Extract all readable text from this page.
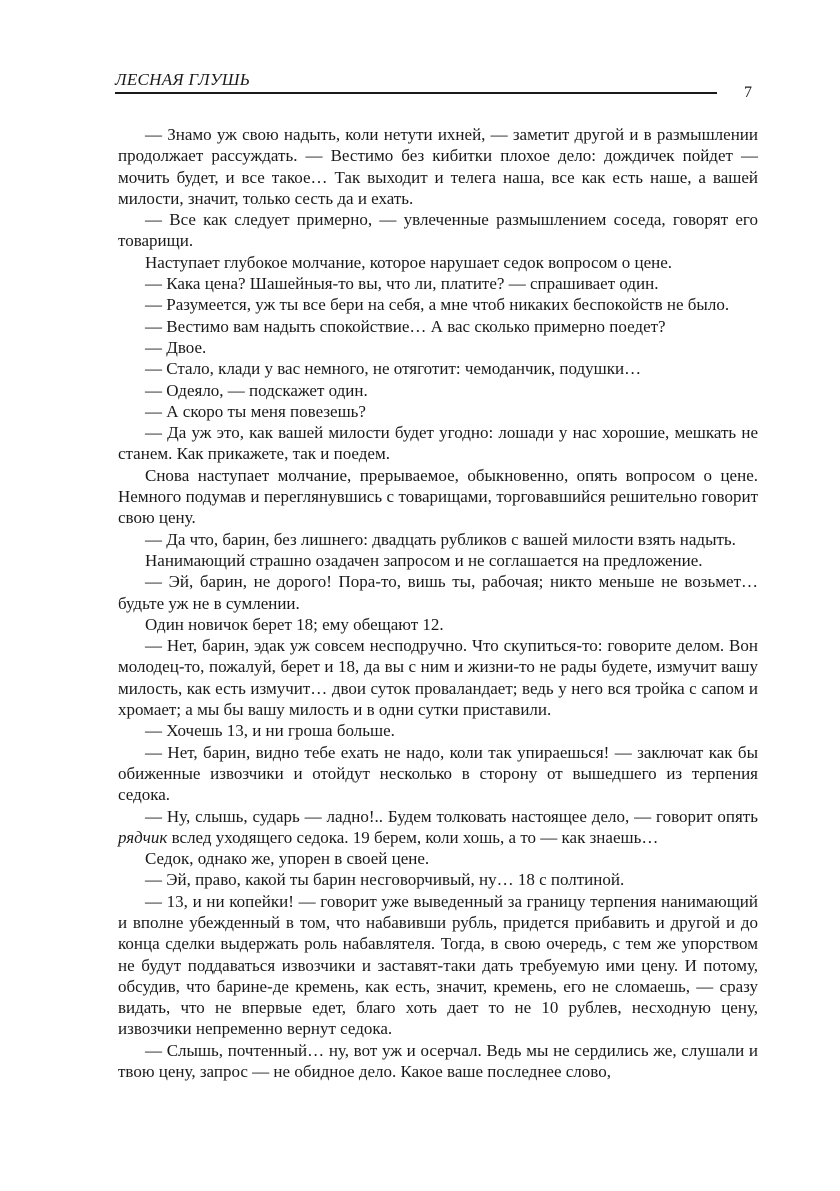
ЛЕСНАЯ ГЛУШЬ
7

— Знамо уж свою надыть, коли нетути ихней, — заметит другой и в размышлении продолжает рассуждать. — Вестимо без кибитки плохое дело: дождичек пойдет — мочить будет, и все такое… Так выходит и телега наша, все как есть наше, а вашей милости, значит, только сесть да и ехать.

— Все как следует примерно, — увлеченные размышлением соседа, говорят его товарищи.

Наступает глубокое молчание, которое нарушает седок вопросом о цене.

— Кака цена? Шашейныя-то вы, что ли, платите? — спрашивает один.

— Разумеется, уж ты все бери на себя, а мне чтоб никаких беспокойств не было.

— Вестимо вам надыть спокойствие… А вас сколько примерно поедет?

— Двое.

— Стало, клади у вас немного, не отяготит: чемоданчик, подушки…

— Одеяло, — подскажет один.

— А скоро ты меня повезешь?

— Да уж это, как вашей милости будет угодно: лошади у нас хорошие, мешкать не станем. Как прикажете, так и поедем.

Снова наступает молчание, прерываемое, обыкновенно, опять вопросом о цене. Немного подумав и переглянувшись с товарищами, торговавшийся решительно говорит свою цену.

— Да что, барин, без лишнего: двадцать рубликов с вашей милости взять надыть.

Нанимающий страшно озадачен запросом и не соглашается на предложение.

— Эй, барин, не дорого! Пора-то, вишь ты, рабочая; никто меньше не возьмет… будьте уж не в сумлении.

Один новичок берет 18; ему обещают 12.

— Нет, барин, эдак уж совсем несподручно. Что скупиться-то: говорите делом. Вон молодец-то, пожалуй, берет и 18, да вы с ним и жизни-то не рады будете, измучит вашу милость, как есть измучит… двои суток проваландает; ведь у него вся тройка с сапом и хромает; а мы бы вашу милость и в одни сутки приставили.

— Хочешь 13, и ни гроша больше.

— Нет, барин, видно тебе ехать не надо, коли так упираешься! — заключат как бы обиженные извозчики и отойдут несколько в сторону от вышедшего из терпения седока.

— Ну, слышь, сударь — ладно!.. Будем толковать настоящее дело, — говорит опять рядчик вслед уходящего седока. 19 берем, коли хошь, а то — как знаешь…

Седок, однако же, упорен в своей цене.

— Эй, право, какой ты барин несговорчивый, ну… 18 с полтиной.

— 13, и ни копейки! — говорит уже выведенный за границу терпения нанимающий и вполне убежденный в том, что набавивши рубль, придется прибавить и другой и до конца сделки выдержать роль набавлятеля. Тогда, в свою очередь, с тем же упорством не будут поддаваться извозчики и заставят-таки дать требуемую ими цену. И потому, обсудив, что барине-де кремень, как есть, значит, кремень, его не сломаешь, — сразу видать, что не впервые едет, благо хоть дает то не 10 рублев, несходную цену, извозчики непременно вернут седока.

— Слышь, почтенный… ну, вот уж и осерчал. Ведь мы не сердились же, слушали и твою цену, запрос — не обидное дело. Какое ваше последнее слово,
